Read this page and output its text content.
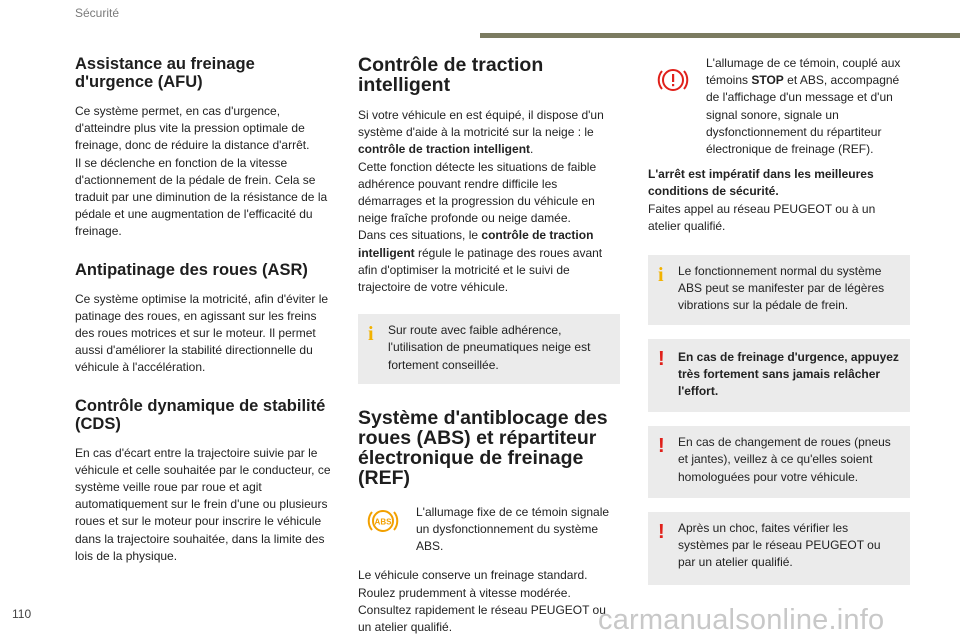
Sécurité
Assistance au freinage d'urgence (AFU)

Ce système permet, en cas d'urgence, d'atteindre plus vite la pression optimale de freinage, donc de réduire la distance d'arrêt.
Il se déclenche en fonction de la vitesse d'actionnement de la pédale de frein. Cela se traduit par une diminution de la résistance de la pédale et une augmentation de l'efficacité du freinage.

Antipatinage des roues (ASR)

Ce système optimise la motricité, afin d'éviter le patinage des roues, en agissant sur les freins des roues motrices et sur le moteur. Il permet aussi d'améliorer la stabilité directionnelle du véhicule à l'accélération.

Contrôle dynamique de stabilité (CDS)

En cas d'écart entre la trajectoire suivie par le véhicule et celle souhaitée par le conducteur, ce système veille roue par roue et agit automatiquement sur le frein d'une ou plusieurs roues et sur le moteur pour inscrire le véhicule dans la trajectoire souhaitée, dans la limite des lois de la physique.

Contrôle de traction intelligent

Si votre véhicule en est équipé, il dispose d'un système d'aide à la motricité sur la neige : le contrôle de traction intelligent.

Cette fonction détecte les situations de faible adhérence pouvant rendre difficile les démarrages et la progression du véhicule en neige fraîche profonde ou neige damée.

Dans ces situations, le contrôle de traction intelligent régule le patinage des roues avant afin d'optimiser la motricité et le suivi de trajectoire de votre véhicule.

i Sur route avec faible adhérence, l'utilisation de pneumatiques neige est fortement conseillée.

Système d'antiblocage des roues (ABS) et répartiteur électronique de freinage (REF)
ABS

L'allumage fixe de ce témoin signale un dysfonctionnement du système ABS.

Le véhicule conserve un freinage standard.
Roulez prudemment à vitesse modérée.
Consultez rapidement le réseau PEUGEOT ou un atelier qualifié.

L'allumage de ce témoin, couplé aux témoins STOP et ABS, accompagné de l'affichage d'un message et d'un signal sonore, signale un dysfonctionnement du répartiteur électronique de freinage (REF).

L'arrêt est impératif dans les meilleures conditions de sécurité.

Faites appel au réseau PEUGEOT ou à un atelier qualifié.

i Le fonctionnement normal du système ABS peut se manifester par de légères vibrations sur la pédale de frein.

! En cas de freinage d'urgence, appuyez très fortement sans jamais relâcher l'effort.

! En cas de changement de roues (pneus et jantes), veillez à ce qu'elles soient homologuées pour votre véhicule.

! Après un choc, faites vérifier les systèmes par le réseau PEUGEOT ou par un atelier qualifié.

110	carmanualsonline.info
